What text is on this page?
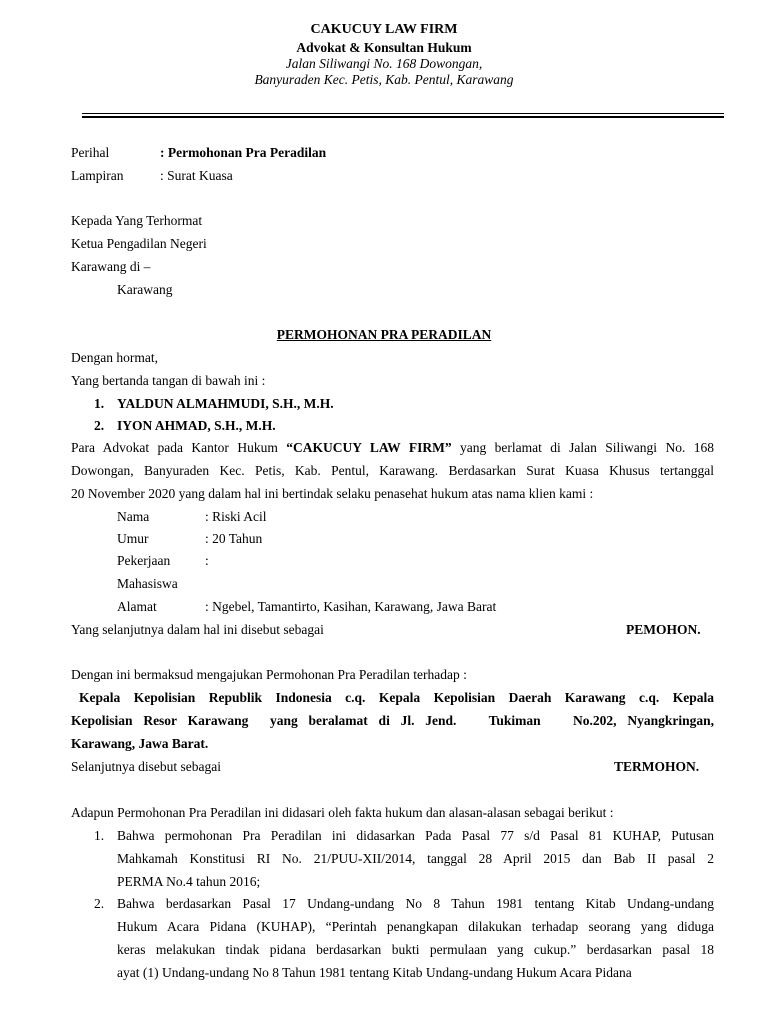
CAKUCUY LAW FIRM
Advokat & Konsultan Hukum
Jalan Siliwangi No. 168 Dowongan,
Banyuraden Kec. Petis, Kab. Pentul, Karawang
Perihal	: Permohonan Pra Peradilan
Lampiran	: Surat Kuasa
Kepada Yang Terhormat
Ketua Pengadilan Negeri
Karawang di –
Karawang
PERMOHONAN PRA PERADILAN
Dengan hormat,
Yang bertanda tangan di bawah ini :
1. YALDUN ALMAHMUDI, S.H., M.H.
2. IYON AHMAD, S.H., M.H.
Para Advokat pada Kantor Hukum “CAKUCUY LAW FIRM” yang berlamat di Jalan Siliwangi No. 168
Dowongan, Banyuraden Kec. Petis, Kab. Pentul, Karawang. Berdasarkan Surat Kuasa Khusus tertanggal
20 November 2020 yang dalam hal ini bertindak selaku penasehat hukum atas nama klien kami :
Nama	: Riski Acil
Umur	: 20 Tahun
Pekerjaan	:
Mahasiswa
Alamat	: Ngebel, Tamantirto, Kasihan, Karawang, Jawa Barat
Yang selanjutnya dalam hal ini disebut sebagai	PEMOHON.
Dengan ini bermaksud mengajukan Permohonan Pra Peradilan terhadap :
Kepala Kepolisian Republik Indonesia c.q. Kepala Kepolisian Daerah Karawang c.q. Kepala
Kepolisian Resor Karawang  yang beralamat di Jl. Jend.   Tukiman   No.202, Nyangkringan,
Karawang, Jawa Barat.
Selanjutnya disebut sebagai	TERMOHON.
Adapun Permohonan Pra Peradilan ini didasari oleh fakta hukum dan alasan-alasan sebagai berikut :
1. Bahwa permohonan Pra Peradilan ini didasarkan Pada Pasal 77 s/d Pasal 81 KUHAP, Putusan
Mahkamah Konstitusi RI No. 21/PUU-XII/2014, tanggal 28 April 2015 dan Bab II pasal 2
PERMA No.4 tahun 2016;
2. Bahwa berdasarkan Pasal 17 Undang-undang No 8 Tahun 1981 tentang Kitab Undang-undang
Hukum Acara Pidana (KUHAP), “Perintah penangkapan dilakukan terhadap seorang yang diduga
keras melakukan tindak pidana berdasarkan bukti permulaan yang cukup.” berdasarkan pasal 18
ayat (1) Undang-undang No 8 Tahun 1981 tentang Kitab Undang-undang Hukum Acara Pidana
